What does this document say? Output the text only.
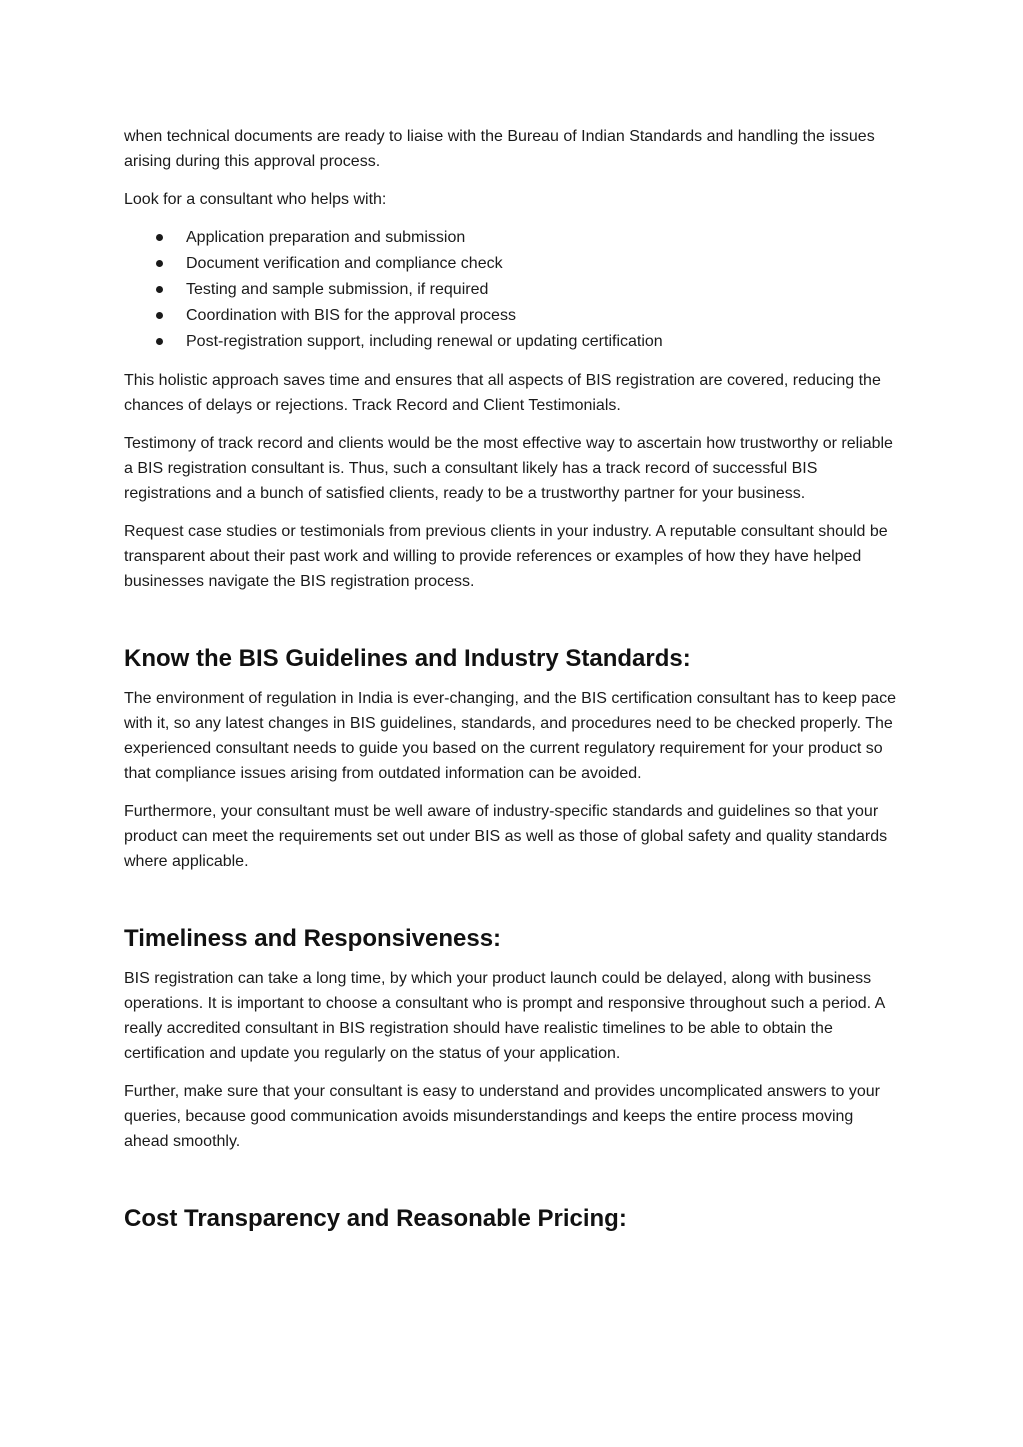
when technical documents are ready to liaise with the Bureau of Indian Standards and handling the issues arising during this approval process.

Look for a consultant who helps with:

Application preparation and submission
Document verification and compliance check
Testing and sample submission, if required
Coordination with BIS for the approval process
Post-registration support, including renewal or updating certification

This holistic approach saves time and ensures that all aspects of BIS registration are covered, reducing the chances of delays or rejections. Track Record and Client Testimonials.

Testimony of track record and clients would be the most effective way to ascertain how trustworthy or reliable a BIS registration consultant is. Thus, such a consultant likely has a track record of successful BIS registrations and a bunch of satisfied clients, ready to be a trustworthy partner for your business.

Request case studies or testimonials from previous clients in your industry. A reputable consultant should be transparent about their past work and willing to provide references or examples of how they have helped businesses navigate the BIS registration process.

Know the BIS Guidelines and Industry Standards:

The environment of regulation in India is ever-changing, and the BIS certification consultant has to keep pace with it, so any latest changes in BIS guidelines, standards, and procedures need to be checked properly. The experienced consultant needs to guide you based on the current regulatory requirement for your product so that compliance issues arising from outdated information can be avoided.

Furthermore, your consultant must be well aware of industry-specific standards and guidelines so that your product can meet the requirements set out under BIS as well as those of global safety and quality standards where applicable.

Timeliness and Responsiveness:

BIS registration can take a long time, by which your product launch could be delayed, along with business operations. It is important to choose a consultant who is prompt and responsive throughout such a period. A really accredited consultant in BIS registration should have realistic timelines to be able to obtain the certification and update you regularly on the status of your application.

Further, make sure that your consultant is easy to understand and provides uncomplicated answers to your queries, because good communication avoids misunderstandings and keeps the entire process moving ahead smoothly.

Cost Transparency and Reasonable Pricing:
